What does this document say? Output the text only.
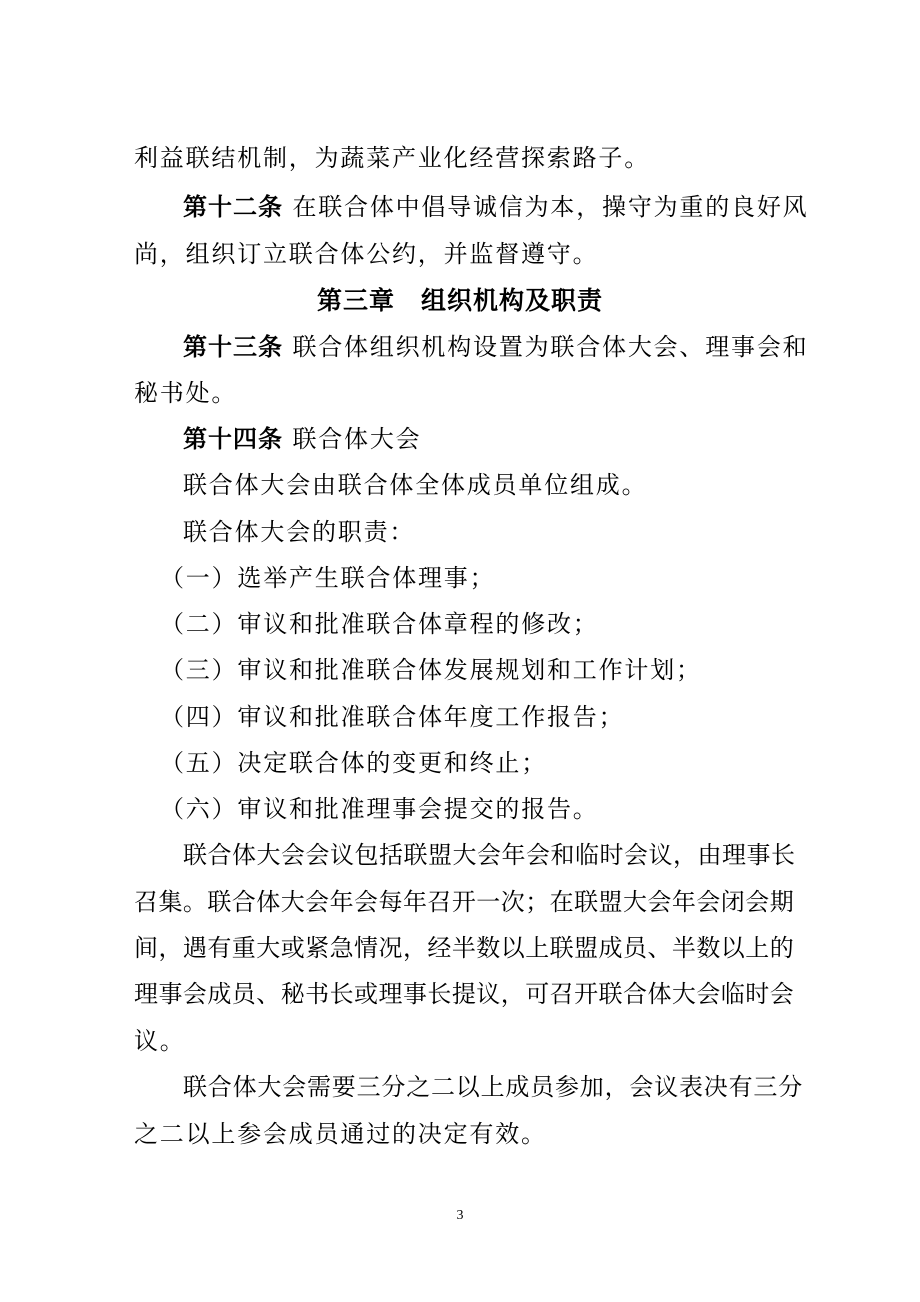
利益联结机制，为蔬菜产业化经营探索路子。
第十二条 在联合体中倡导诚信为本，操守为重的良好风
尚，组织订立联合体公约，并监督遵守。
第三章　组织机构及职责
第十三条 联合体组织机构设置为联合体大会、理事会和
秘书处。
第十四条 联合体大会
联合体大会由联合体全体成员单位组成。
联合体大会的职责：
（一）选举产生联合体理事；
（二）审议和批准联合体章程的修改；
（三）审议和批准联合体发展规划和工作计划；
（四）审议和批准联合体年度工作报告；
（五）决定联合体的变更和终止；
（六）审议和批准理事会提交的报告。
联合体大会会议包括联盟大会年会和临时会议，由理事长
召集。联合体大会年会每年召开一次；在联盟大会年会闭会期
间，遇有重大或紧急情况，经半数以上联盟成员、半数以上的
理事会成员、秘书长或理事长提议，可召开联合体大会临时会
议。
联合体大会需要三分之二以上成员参加，会议表决有三分
之二以上参会成员通过的决定有效。
3
